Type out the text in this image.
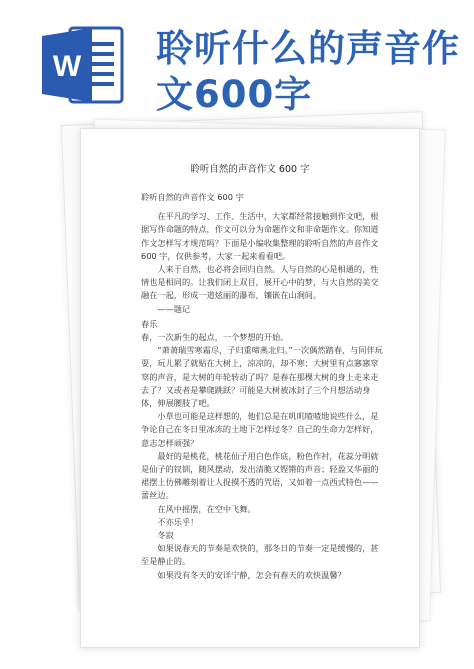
W 聆听什么的声音作
文600字
聆听自然的声音作文 600 字

聆听自然的声音作文 600 字

在平凡的学习、工作、生活中，大家都经常接触到作文吧，根据写作命题的特点，作文可以分为命题作文和非命题作文。你知道作文怎样写才规范吗？下面是小编收集整理的聆听自然的声音作文 600 字，仅供参考，大家一起来看看吧。

人来于自然，也必将会回归自然。人与自然的心是相通的，性情也是相同的。让我们闭上双目，展开心中的梦，与大自然的美交融在一起，形成一道炫丽的瀑布，镶嵌在山涧间。

——题记

春乐

春，一次新生的起点，一个梦想的开始。

“萧萧瑞雪寒霜尽，子归重啼燕北归。”一次偶然踏春，与同伴玩耍，玩儿累了就贴在大树上，凉凉的，却不寒；大树里有点窸窸窣窣的声音，是大树的年轮转动了吗？是春在那棵大树的身上走来走去了？又或者是攀爬跳跃？可能是大树被冰封了三个月想活动身体，伸展腰肢了吧。

小草也可能是这样想的，他们总是在叽叽喳喳地说些什么，是争论自己在冬日里冰冻的土地下怎样过冬？自己的生命力怎样好，意志怎样顽强？

最好的是桃花，桃花仙子用白色作底，粉色作衬，花蕊分明就是仙子的钗钏，随风摆动，发出清脆又铿锵的声音；轻盈又华丽的裙摆上仿佛雕刻着让人捉摸不透的咒语，又如着一点西式特色——蕾丝边。

在风中摇摆，在空中飞舞。

不亦乐乎！

冬寂

如果说春天的节奏是欢快的，那冬日的节奏一定是缓慢的，甚至是静止的。

如果没有冬天的安详宁静，怎会有春天的欢快温馨？
